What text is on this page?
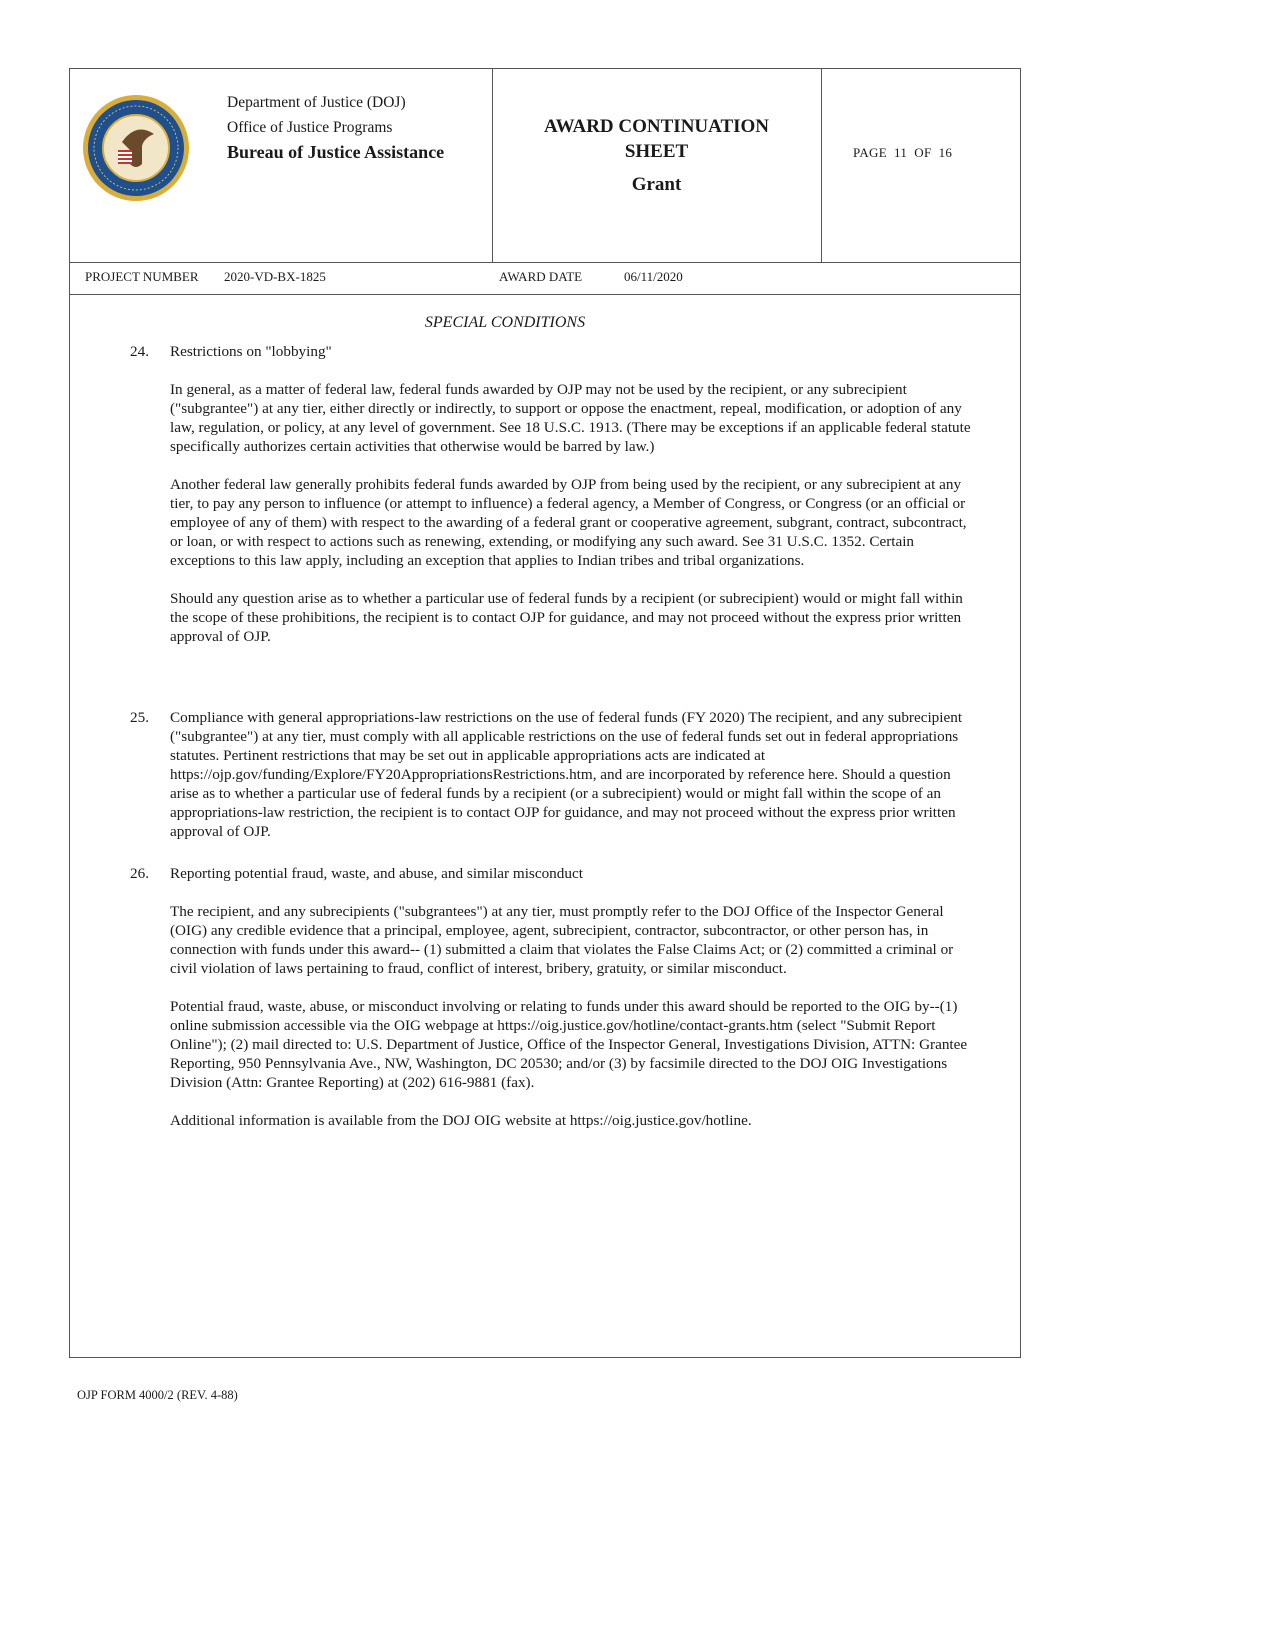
Department of Justice (DOJ)
Office of Justice Programs
Bureau of Justice Assistance
AWARD CONTINUATION
SHEET
Grant
PAGE  11  OF  16
PROJECT NUMBER 2020-VD-BX-1825	AWARD DATE	06/11/2020
SPECIAL CONDITIONS
24. Restrictions on "lobbying"

In general, as a matter of federal law, federal funds awarded by OJP may not be used by the recipient, or any subrecipient ("subgrantee") at any tier, either directly or indirectly, to support or oppose the enactment, repeal, modification, or adoption of any law, regulation, or policy, at any level of government. See 18 U.S.C. 1913. (There may be exceptions if an applicable federal statute specifically authorizes certain activities that otherwise would be barred by law.)

Another federal law generally prohibits federal funds awarded by OJP from being used by the recipient, or any subrecipient at any tier, to pay any person to influence (or attempt to influence) a federal agency, a Member of Congress, or Congress (or an official or employee of any of them) with respect to the awarding of a federal grant or cooperative agreement, subgrant, contract, subcontract, or loan, or with respect to actions such as renewing, extending, or modifying any such award. See 31 U.S.C. 1352. Certain exceptions to this law apply, including an exception that applies to Indian tribes and tribal organizations.

Should any question arise as to whether a particular use of federal funds by a recipient (or subrecipient) would or might fall within the scope of these prohibitions, the recipient is to contact OJP for guidance, and may not proceed without the express prior written approval of OJP.

25. Compliance with general appropriations-law restrictions on the use of federal funds (FY 2020) The recipient, and any subrecipient ("subgrantee") at any tier, must comply with all applicable restrictions on the use of federal funds set out in federal appropriations statutes. Pertinent restrictions that may be set out in applicable appropriations acts are indicated at https://ojp.gov/funding/Explore/FY20AppropriationsRestrictions.htm, and are incorporated by reference here. Should a question arise as to whether a particular use of federal funds by a recipient (or a subrecipient) would or might fall within the scope of an appropriations-law restriction, the recipient is to contact OJP for guidance, and may not proceed without the express prior written approval of OJP.

26. Reporting potential fraud, waste, and abuse, and similar misconduct

The recipient, and any subrecipients ("subgrantees") at any tier, must promptly refer to the DOJ Office of the Inspector General (OIG) any credible evidence that a principal, employee, agent, subrecipient, contractor, subcontractor, or other person has, in connection with funds under this award-- (1) submitted a claim that violates the False Claims Act; or (2) committed a criminal or civil violation of laws pertaining to fraud, conflict of interest, bribery, gratuity, or similar misconduct.

Potential fraud, waste, abuse, or misconduct involving or relating to funds under this award should be reported to the OIG by--(1) online submission accessible via the OIG webpage at https://oig.justice.gov/hotline/contact-grants.htm (select "Submit Report Online"); (2) mail directed to: U.S. Department of Justice, Office of the Inspector General, Investigations Division, ATTN: Grantee Reporting, 950 Pennsylvania Ave., NW, Washington, DC 20530; and/or (3) by facsimile directed to the DOJ OIG Investigations Division (Attn: Grantee Reporting) at (202) 616-9881 (fax).

Additional information is available from the DOJ OIG website at https://oig.justice.gov/hotline.

OJP FORM 4000/2 (REV. 4-88)
